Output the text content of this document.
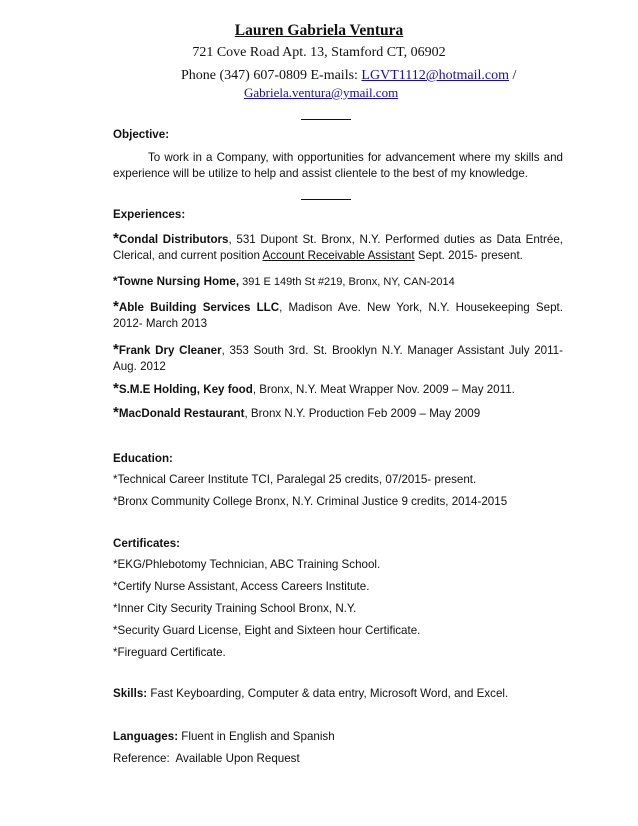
Lauren Gabriela Ventura
721 Cove Road Apt. 13, Stamford CT, 06902
Phone (347) 607-0809 E-mails: LGVT1112@hotmail.com /
Gabriela.ventura@ymail.com
Objective:
To work in a Company, with opportunities for advancement where my skills and experience will be utilize to help and assist clientele to the best of my knowledge.
Experiences:
*Condal Distributors, 531 Dupont St. Bronx, N.Y. Performed duties as Data Entrée, Clerical, and current position Account Receivable Assistant Sept. 2015- present.
*Towne Nursing Home, 391 E 149th St #219, Bronx, NY, CAN-2014
*Able Building Services LLC, Madison Ave. New York, N.Y. Housekeeping Sept. 2012- March 2013
*Frank Dry Cleaner, 353 South 3rd. St. Brooklyn N.Y. Manager Assistant July 2011- Aug. 2012
*S.M.E Holding, Key food, Bronx, N.Y. Meat Wrapper Nov. 2009 – May 2011.
*MacDonald Restaurant, Bronx N.Y. Production Feb 2009 – May 2009
Education:
*Technical Career Institute TCI, Paralegal 25 credits, 07/2015- present.
*Bronx Community College Bronx, N.Y. Criminal Justice 9 credits, 2014-2015
Certificates:
*EKG/Phlebotomy Technician, ABC Training School.
*Certify Nurse Assistant, Access Careers Institute.
*Inner City Security Training School Bronx, N.Y.
*Security Guard License, Eight and Sixteen hour Certificate.
*Fireguard Certificate.
Skills: Fast Keyboarding, Computer & data entry, Microsoft Word, and Excel.
Languages: Fluent in English and Spanish
Reference:  Available Upon Request
